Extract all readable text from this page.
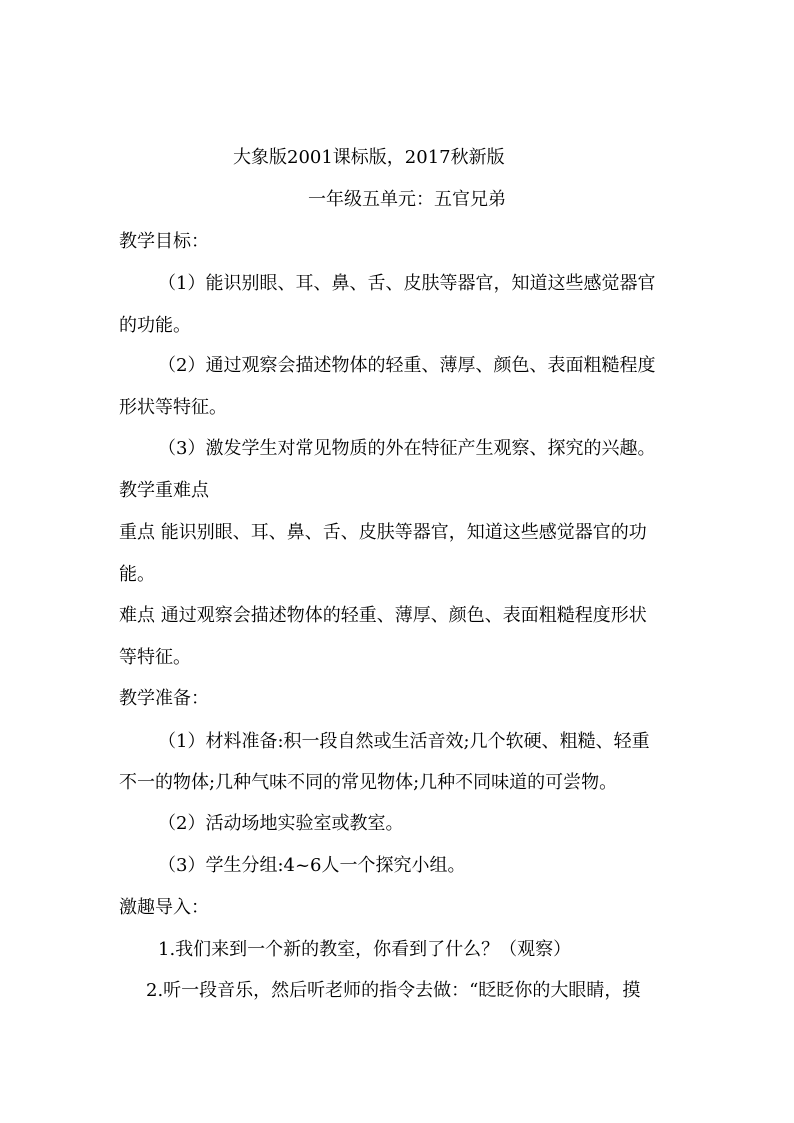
大象版2001课标版，2017秋新版
一年级五单元：五官兄弟
教学目标：
（1）能识别眼、耳、鼻、舌、皮肤等器官，知道这些感觉器官
的功能。
（2）通过观察会描述物体的轻重、薄厚、颜色、表面粗糙程度
形状等特征。
（3）激发学生对常见物质的外在特征产生观察、探究的兴趣。
教学重难点
重点 能识别眼、耳、鼻、舌、皮肤等器官，知道这些感觉器官的功
能。
难点 通过观察会描述物体的轻重、薄厚、颜色、表面粗糙程度形状
等特征。
教学准备：
（1）材料准备:积一段自然或生活音效;几个软硬、粗糙、轻重
不一的物体;几种气味不同的常见物体;几种不同味道的可尝物。
（2）活动场地实验室或教室。
（3）学生分组:4~6人一个探究小组。
激趣导入：
1.我们来到一个新的教室，你看到了什么？（观察）
2.听一段音乐，然后听老师的指令去做：“眨眨你的大眼睛，摸
